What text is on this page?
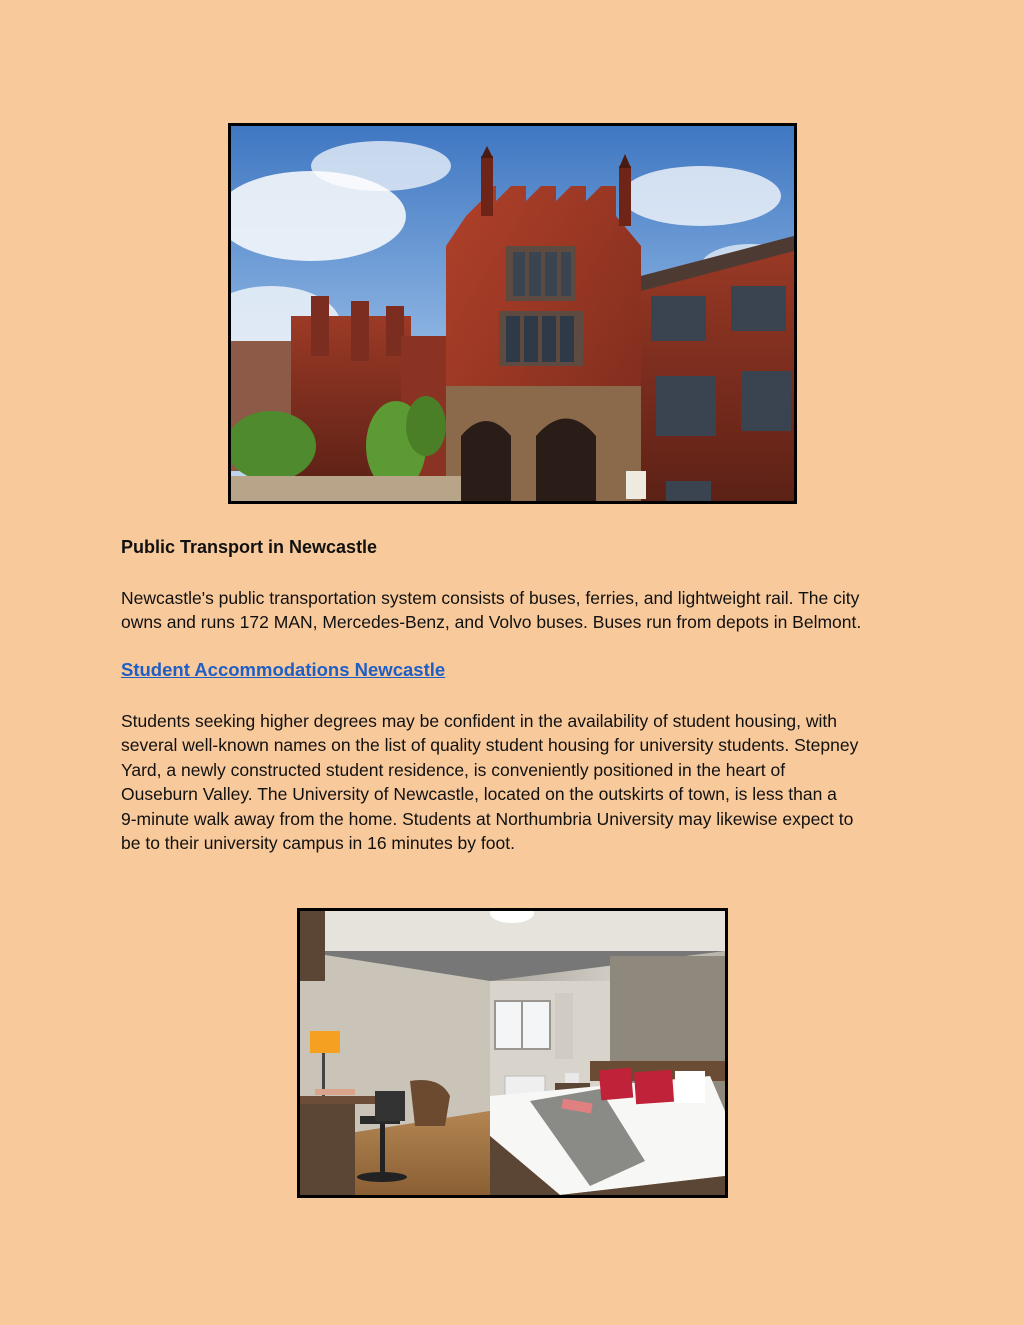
Public Transport in Newcastle

Newcastle's public transportation system consists of buses, ferries, and lightweight rail. The city
owns and runs 172 MAN, Mercedes-Benz, and Volvo buses. Buses run from depots in Belmont.

Student Accommodations Newcastle

Students seeking higher degrees may be confident in the availability of student housing, with
several well-known names on the list of quality student housing for university students. Stepney
Yard, a newly constructed student residence, is conveniently positioned in the heart of
Ouseburn Valley. The University of Newcastle, located on the outskirts of town, is less than a
9-minute walk away from the home. Students at Northumbria University may likewise expect to
be to their university campus in 16 minutes by foot.
